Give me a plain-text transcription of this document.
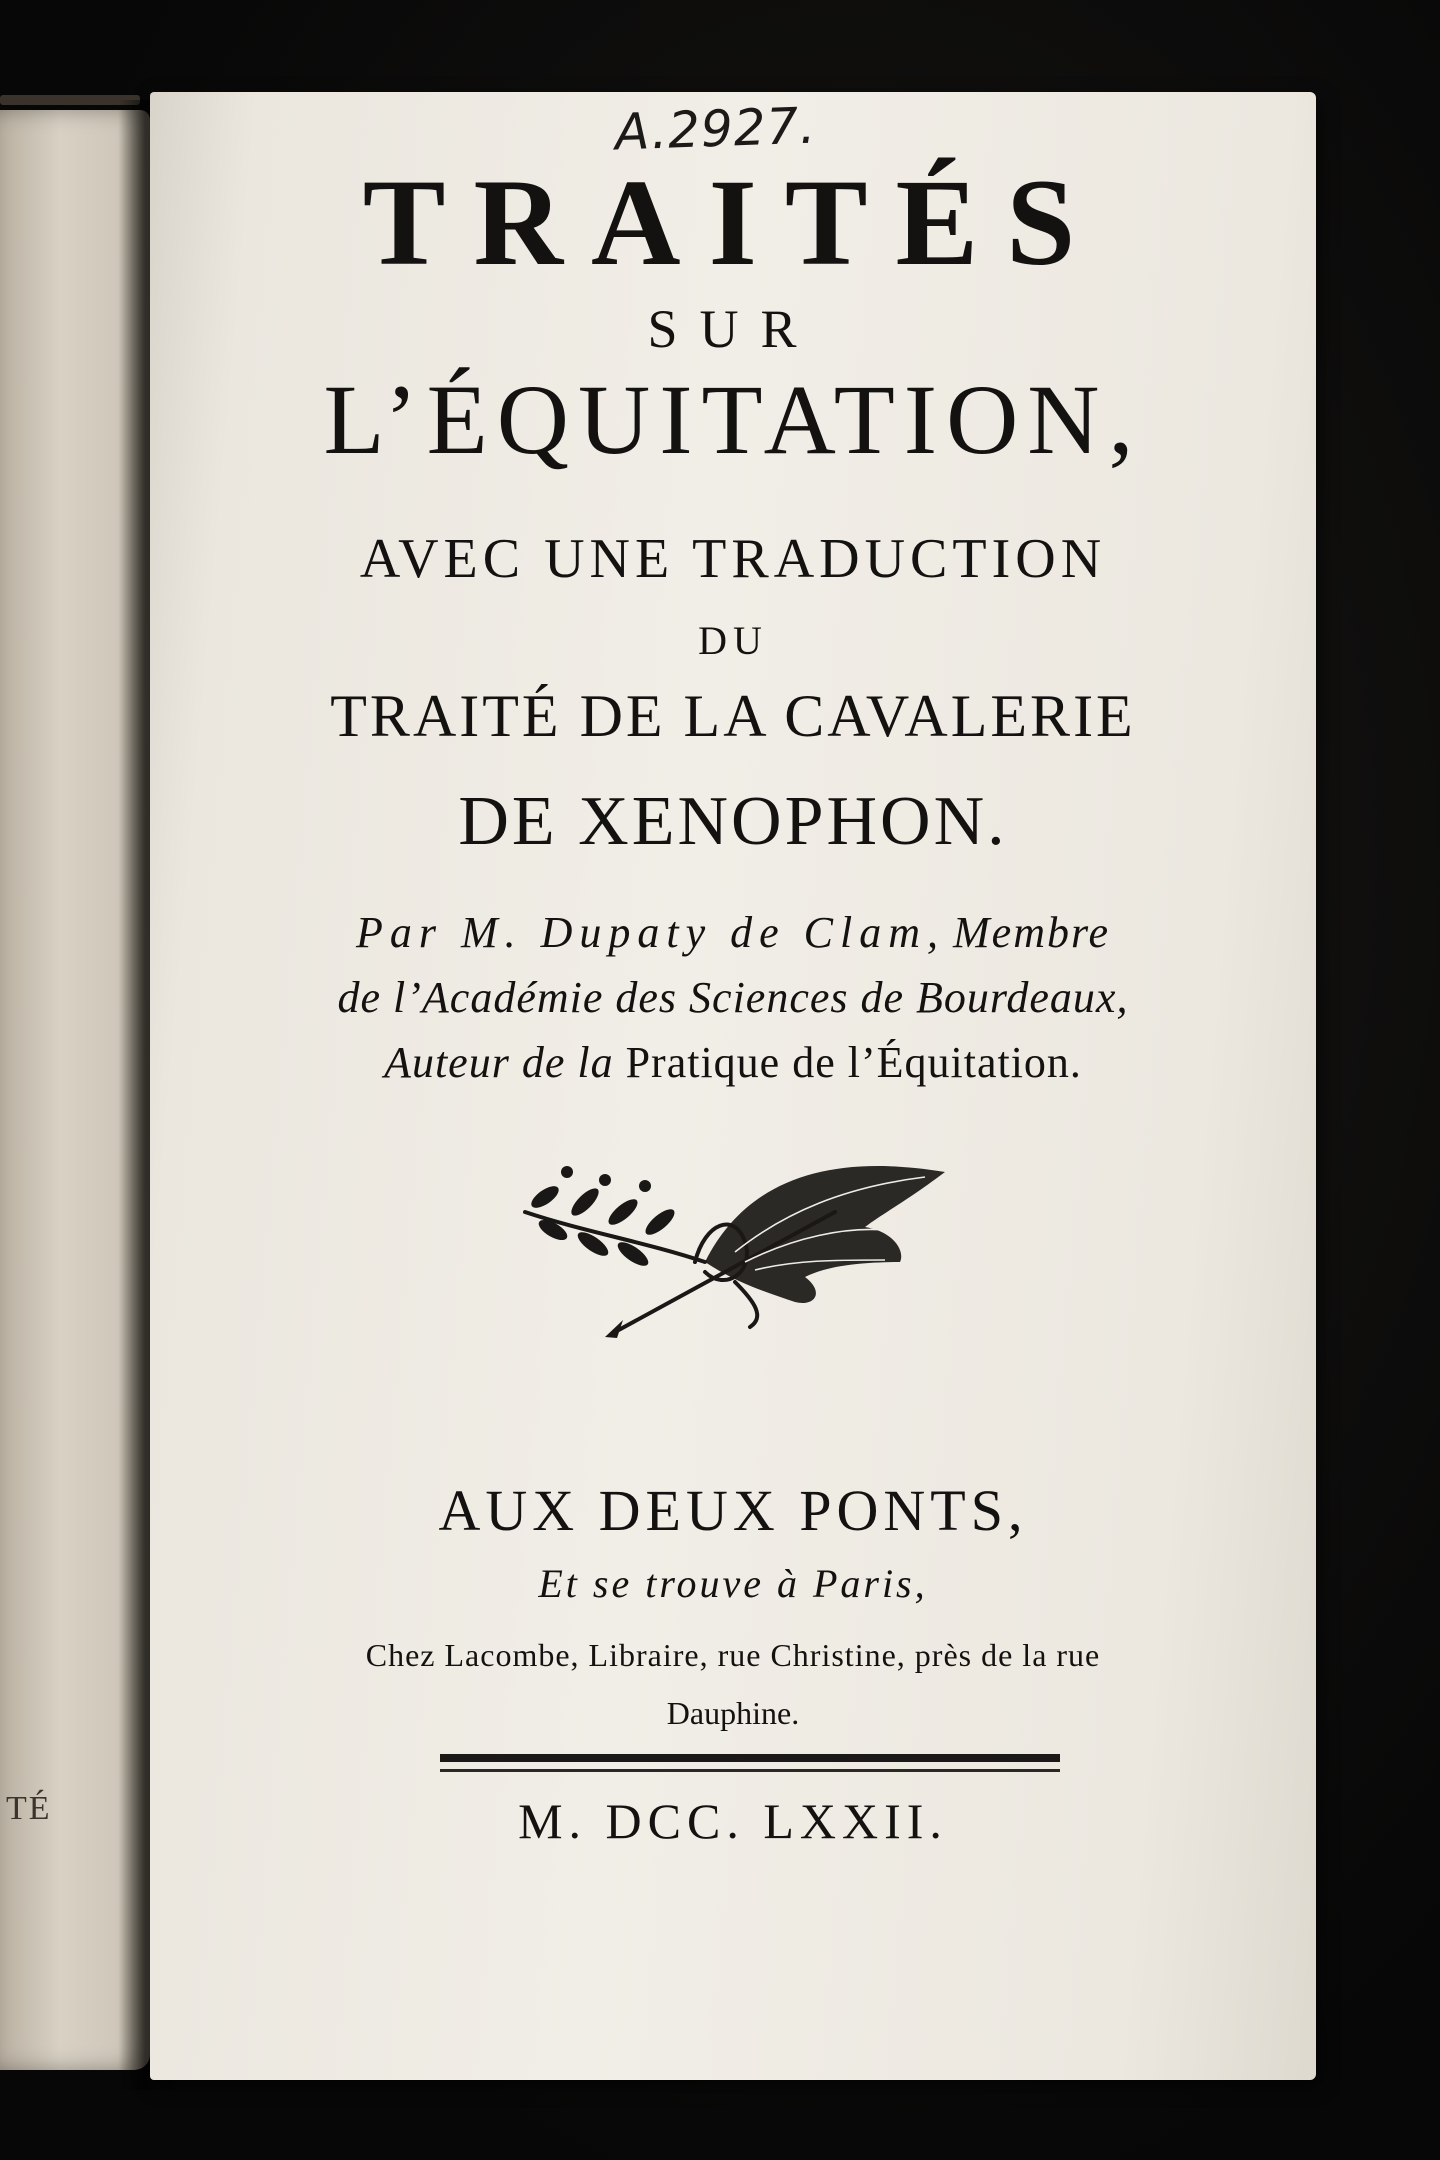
TÉ
A.2927.
TRAITÉS
SUR
L’ÉQUITATION,
AVEC UNE TRADUCTION
DU
TRAITÉ DE LA CAVALERIE
DE XENOPHON.
Par M. Dupaty de Clam, Membre
de l’Académie des Sciences de Bourdeaux,
Auteur de la Pratique de l’Équitation.
AUX DEUX PONTS,
Et se trouve à Paris,
Chez Lacombe, Libraire, rue Christine, près de la rue
Dauphine.
M. DCC. LXXII.
